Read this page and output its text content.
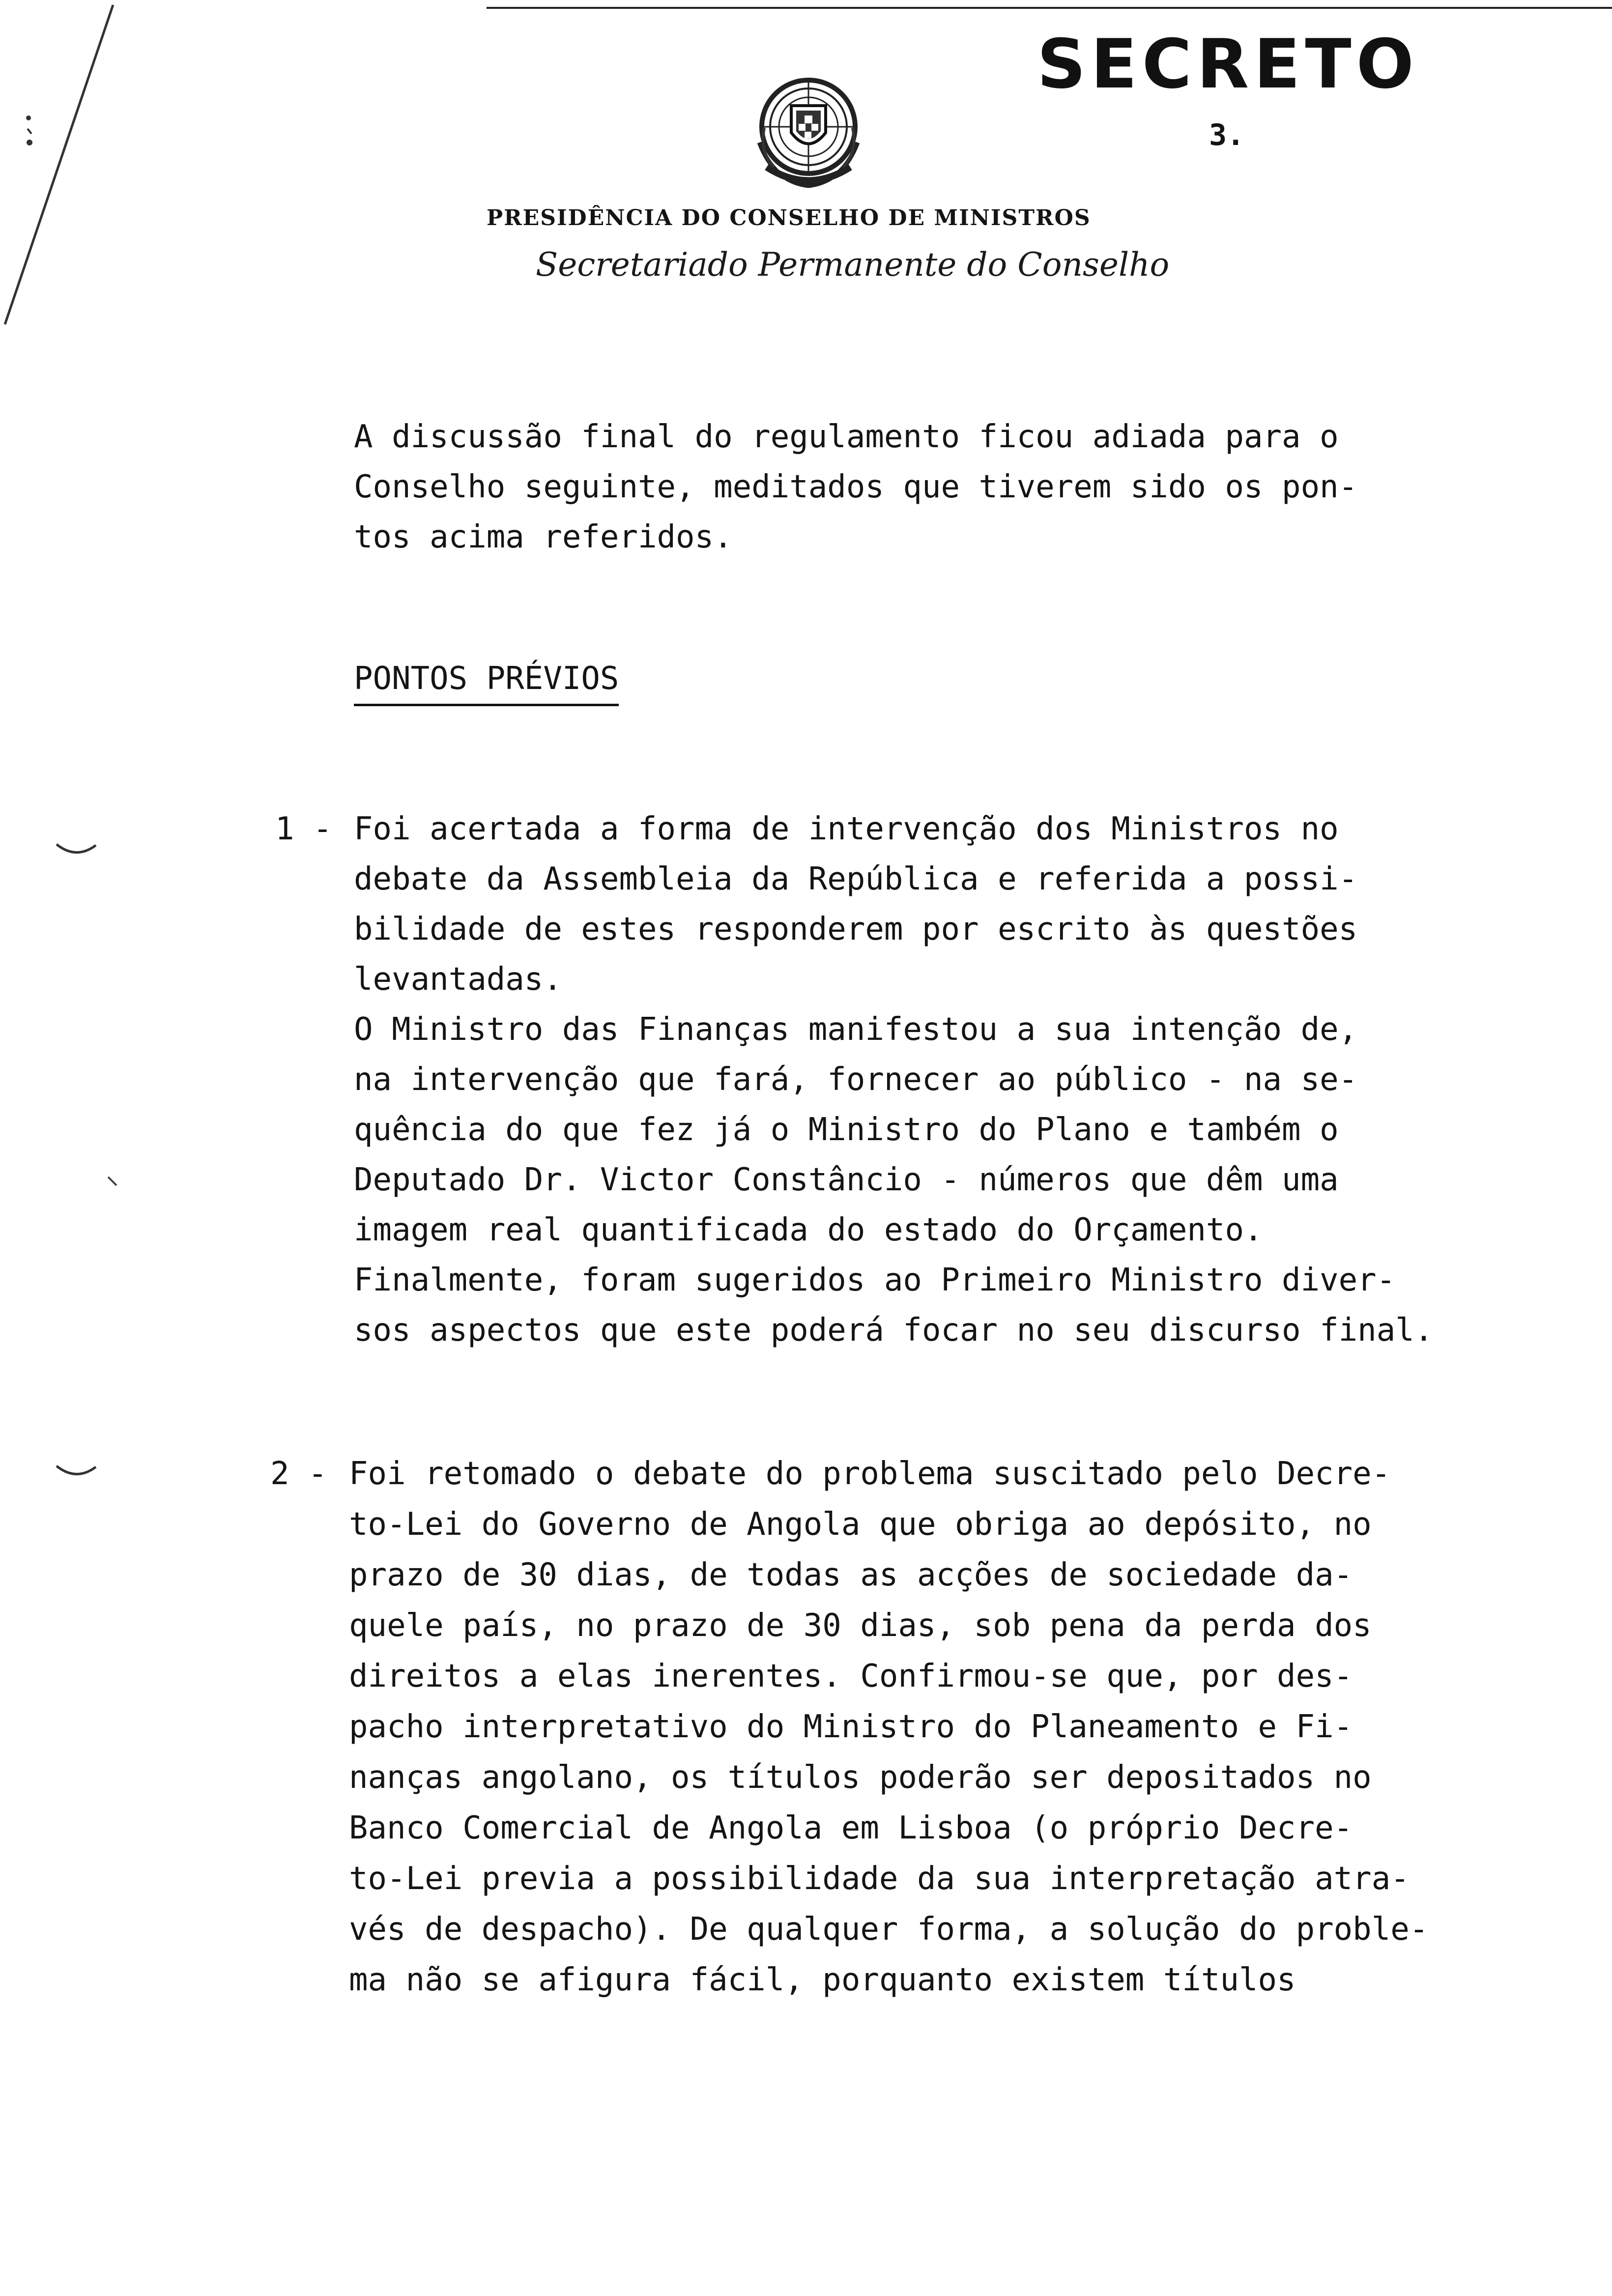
SECRETO
3.
PRESIDÊNCIA DO CONSELHO DE MINISTROS
Secretariado Permanente do Conselho
A discussão final do regulamento ficou adiada para o
Conselho seguinte, meditados que tiverem sido os pon-
tos acima referidos.
PONTOS PRÉVIOS
1 - Foi acertada a forma de intervenção dos Ministros no
debate da Assembleia da República e referida a possi-
bilidade de estes responderem por escrito às questões
levantadas.
O Ministro das Finanças manifestou a sua intenção de,
na intervenção que fará, fornecer ao público - na se-
quência do que fez já o Ministro do Plano e também o
Deputado Dr. Victor Constâncio - números que dêm uma
imagem real quantificada do estado do Orçamento.
Finalmente, foram sugeridos ao Primeiro Ministro diver-
sos aspectos que este poderá focar no seu discurso final.
2 - Foi retomado o debate do problema suscitado pelo Decre-
to-Lei do Governo de Angola que obriga ao depósito, no
prazo de 30 dias, de todas as acções de sociedade da-
quele país, no prazo de 30 dias, sob pena da perda dos
direitos a elas inerentes. Confirmou-se que, por des-
pacho interpretativo do Ministro do Planeamento e Fi-
nanças angolano, os títulos poderão ser depositados no
Banco Comercial de Angola em Lisboa (o próprio Decre-
to-Lei previa a possibilidade da sua interpretação atra-
vés de despacho). De qualquer forma, a solução do proble-
ma não se afigura fácil, porquanto existem títulos
